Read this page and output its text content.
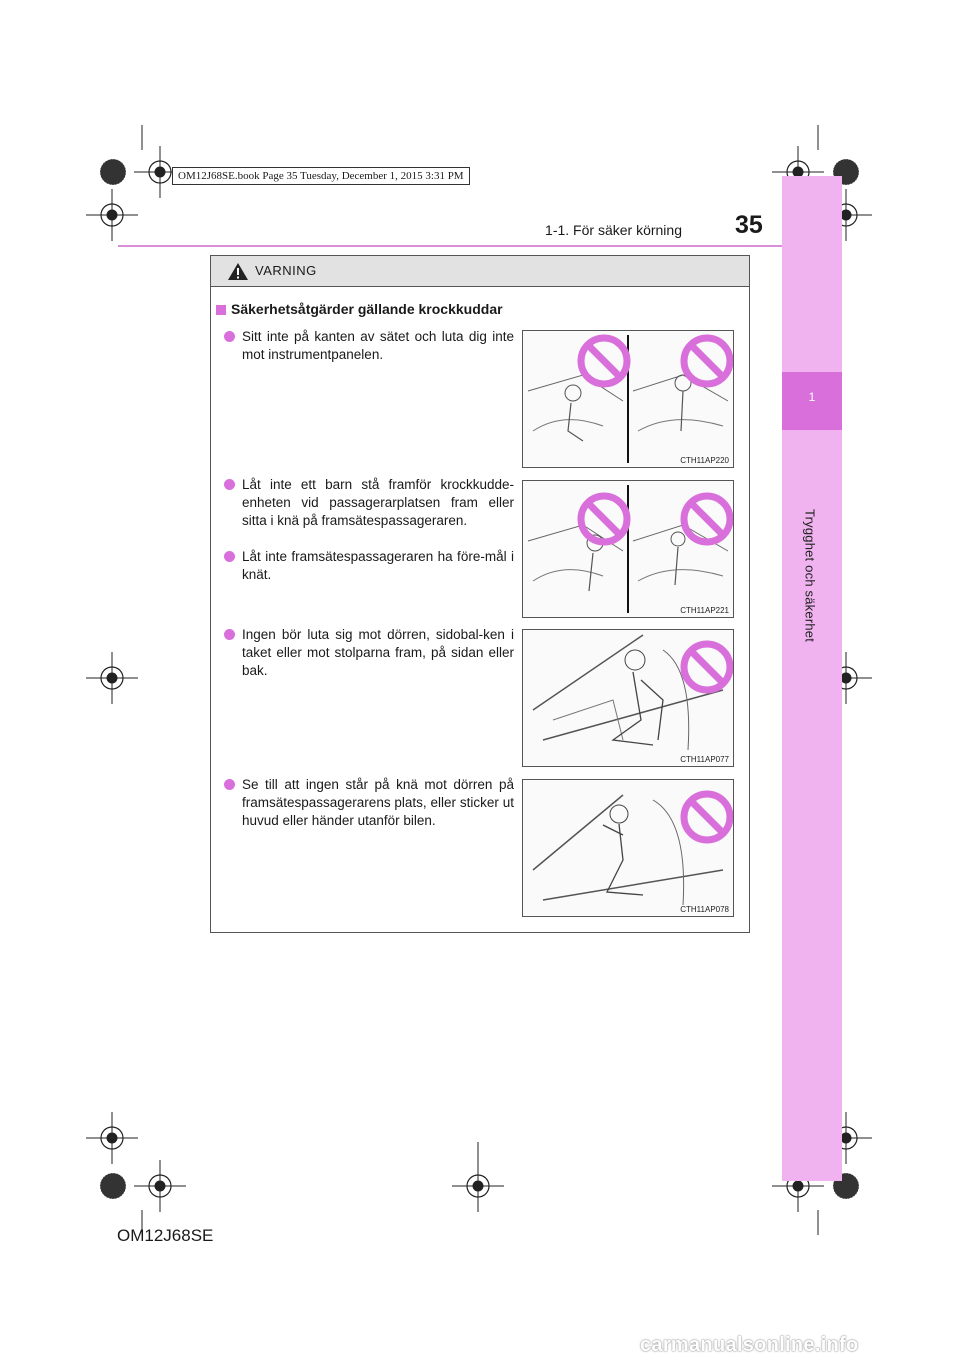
1
Trygghet och säkerhet
OM12J68SE.book Page 35 Tuesday, December 1, 2015 3:31 PM
1-1. För säker körning 35
VARNING
Säkerhetsåtgärder gällande krockkuddar
Sitt inte på kanten av sätet och luta dig inte mot instrumentpanelen.
Låt inte ett barn stå framför krockkudde-enheten vid passagerarplatsen fram eller sitta i knä på framsätespassageraren.
Låt inte framsätespassageraren ha före-mål i knät.
Ingen bör luta sig mot dörren, sidobal-ken i taket eller mot stolparna fram, på sidan eller bak.
Se till att ingen står på knä mot dörren på framsätespassagerarens plats, eller sticker ut huvud eller händer utanför bilen.
CTH11AP220
CTH11AP221
CTH11AP077
CTH11AP078
OM12J68SE
carmanualsonline.info
